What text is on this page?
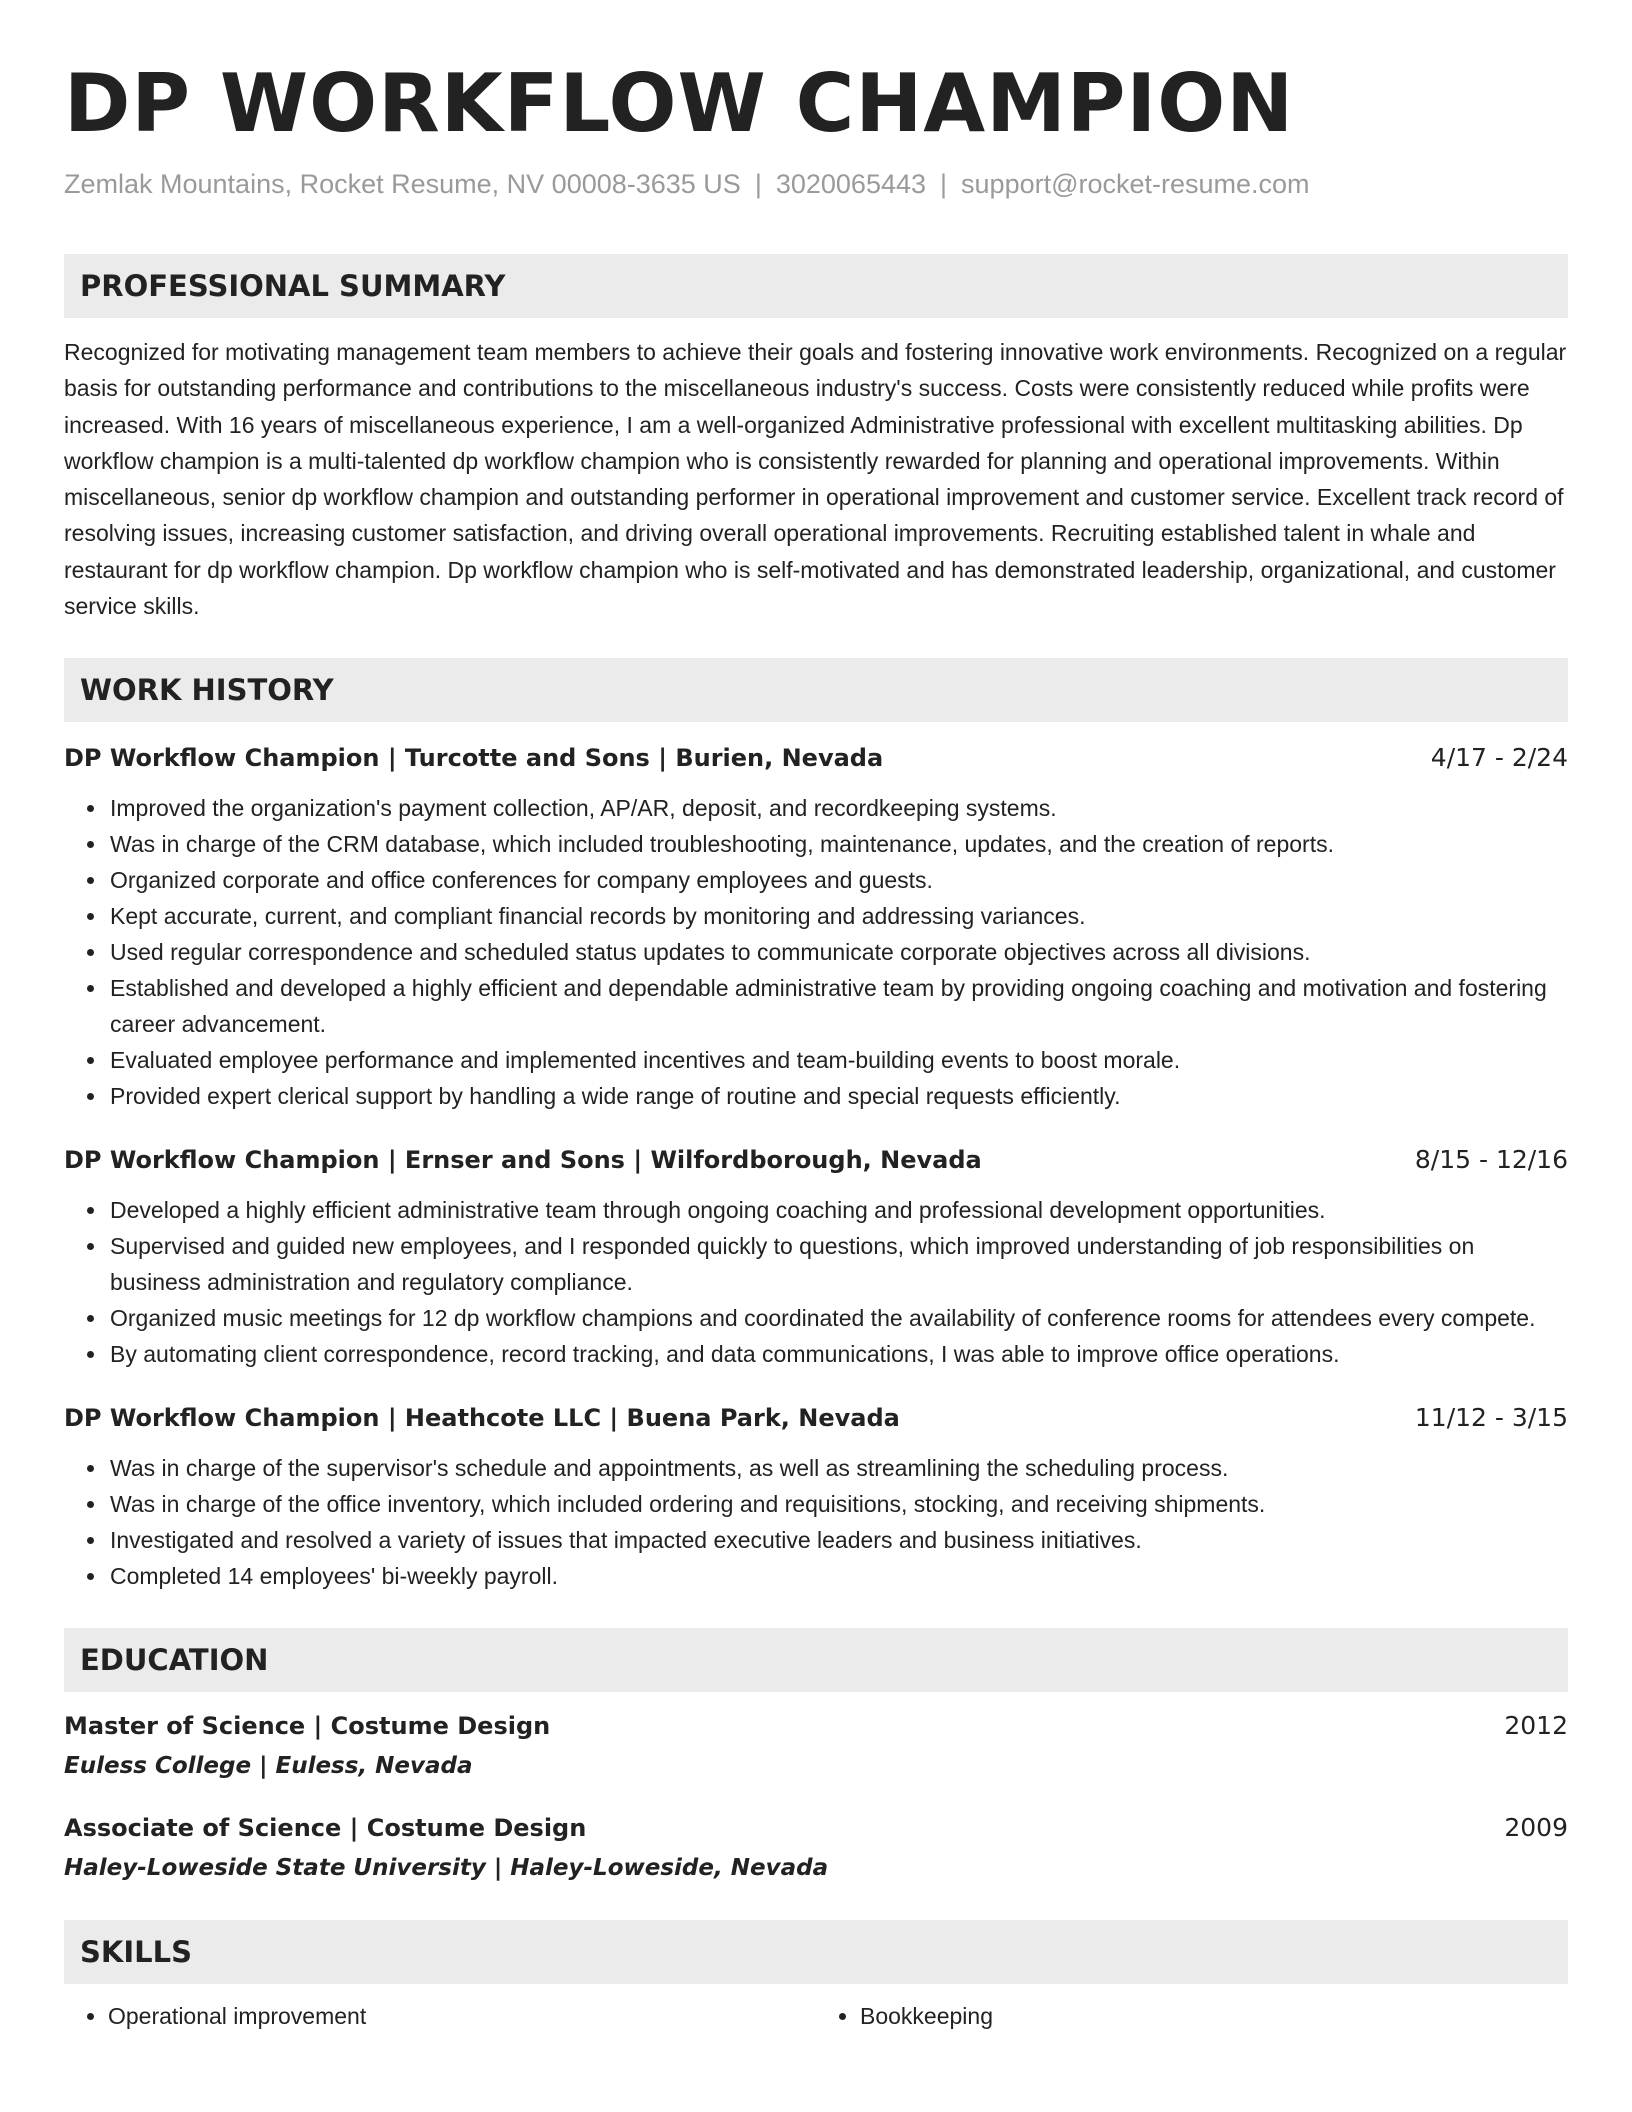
DP WORKFLOW CHAMPION
Zemlak Mountains, Rocket Resume, NV 00008-3635 US | 3020065443 | support@rocket-resume.com
PROFESSIONAL SUMMARY

Recognized for motivating management team members to achieve their goals and fostering innovative work environments. Recognized on a regular basis for outstanding performance and contributions to the miscellaneous industry's success. Costs were consistently reduced while profits were increased. With 16 years of miscellaneous experience, I am a well-organized Administrative professional with excellent multitasking abilities. Dp workflow champion is a multi-talented dp workflow champion who is consistently rewarded for planning and operational improvements. Within miscellaneous, senior dp workflow champion and outstanding performer in operational improvement and customer service. Excellent track record of resolving issues, increasing customer satisfaction, and driving overall operational improvements. Recruiting established talent in whale and restaurant for dp workflow champion. Dp workflow champion who is self-motivated and has demonstrated leadership, organizational, and customer service skills.

WORK HISTORY
DP Workflow Champion | Turcotte and Sons | Burien, Nevada	4/17 - 2/24
• Improved the organization's payment collection, AP/AR, deposit, and recordkeeping systems.
• Was in charge of the CRM database, which included troubleshooting, maintenance, updates, and the creation of reports.
• Organized corporate and office conferences for company employees and guests.
• Kept accurate, current, and compliant financial records by monitoring and addressing variances.
• Used regular correspondence and scheduled status updates to communicate corporate objectives across all divisions.
• Established and developed a highly efficient and dependable administrative team by providing ongoing coaching and motivation and fostering career advancement.
• Evaluated employee performance and implemented incentives and team-building events to boost morale.
• Provided expert clerical support by handling a wide range of routine and special requests efficiently.
DP Workflow Champion | Ernser and Sons | Wilfordborough, Nevada	8/15 - 12/16
• Developed a highly efficient administrative team through ongoing coaching and professional development opportunities.
• Supervised and guided new employees, and I responded quickly to questions, which improved understanding of job responsibilities on business administration and regulatory compliance.
• Organized music meetings for 12 dp workflow champions and coordinated the availability of conference rooms for attendees every compete.
• By automating client correspondence, record tracking, and data communications, I was able to improve office operations.
DP Workflow Champion | Heathcote LLC | Buena Park, Nevada	11/12 - 3/15
• Was in charge of the supervisor's schedule and appointments, as well as streamlining the scheduling process.
• Was in charge of the office inventory, which included ordering and requisitions, stocking, and receiving shipments.
• Investigated and resolved a variety of issues that impacted executive leaders and business initiatives.
• Completed 14 employees' bi-weekly payroll.
EDUCATION
Master of Science | Costume Design	2012
Euless College | Euless, Nevada
Associate of Science | Costume Design	2009
Haley-Loweside State University | Haley-Loweside, Nevada
SKILLS
• Operational improvement
•	Bookkeeping
